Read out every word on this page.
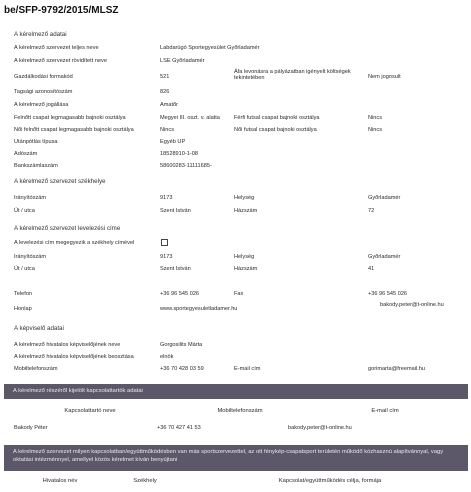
be/SFP-9792/2015/MLSZ
A kérelmező adatai
A kérelmező szervezet teljes neve	Labdarúgó Sportegyesület Győrladamér
A kérelmező szervezet rövidített neve	LSE Győrladamér
Gazdálkodási formakód	521
Áfa levonásra a pályázatban igényelt költségek tekintetében	Nem jogosult
Tagsági azonosítószám	826
A kérelmező jogállása	Amatőr
Felnőtt csapat legmagasabb bajnoki osztálya	Megyei III. oszt. v. alatta	Férfi futsal csapat bajnoki osztálya	Nincs
Női felnőtt csapat legmagasabb bajnoki osztálya	Nincs	Női futsal csapat bajnoki osztálya	Nincs
Utánpótlás típusa	Egyéb UP
Adószám	18528910-1-08
Bankszámlaszám	58600283-11111685-
A kérelmező szervezet székhelye
Irányítószám	9173	Helység	Győrladamér
Út / utca	Szent István	Házszám	72
A kérelmező szervezet levelezési címe
A levelezési cím megegyezik a székhely címével
Irányítószám	9173	Helység	Győrladamér
Út / utca	Szent István	Házszám	41
Telefon	+36 96 545 026	Fax	+36 96 545 026
Honlap	www.sportegyesuletladamer.hu
bakody.peter@t-online.hu
A képviselő adatai
A kérelmező hivatalos képviselőjének neve	Gorgosilits Márta
A kérelmező hivatalos képviselőjének beosztása	elnök
Mobiltelefonszám	+36 70 428 03 59	E-mail cím	gorimarta@freemail.hu
A kérelmező részéről kijelölt kapcsolattartók adatai
Kapcsolattartó neve	Mobiltelefonszám	E-mail cím
Bakody Péter	+36 70 427 41 53	bakody.peter@t-online.hu
A kérelmező szervezet milyen kapcsolatban/együttműködésben van más sportszervezettel, az ott fénykép-csapatsport területén működő közhasznú alapítvánnyal, vagy oktatási intézménnyel, amellyel közös kérelmet kíván benyújtani
Hivatalos név	Székhely	Kapcsolat/együttműködés célja, formája
